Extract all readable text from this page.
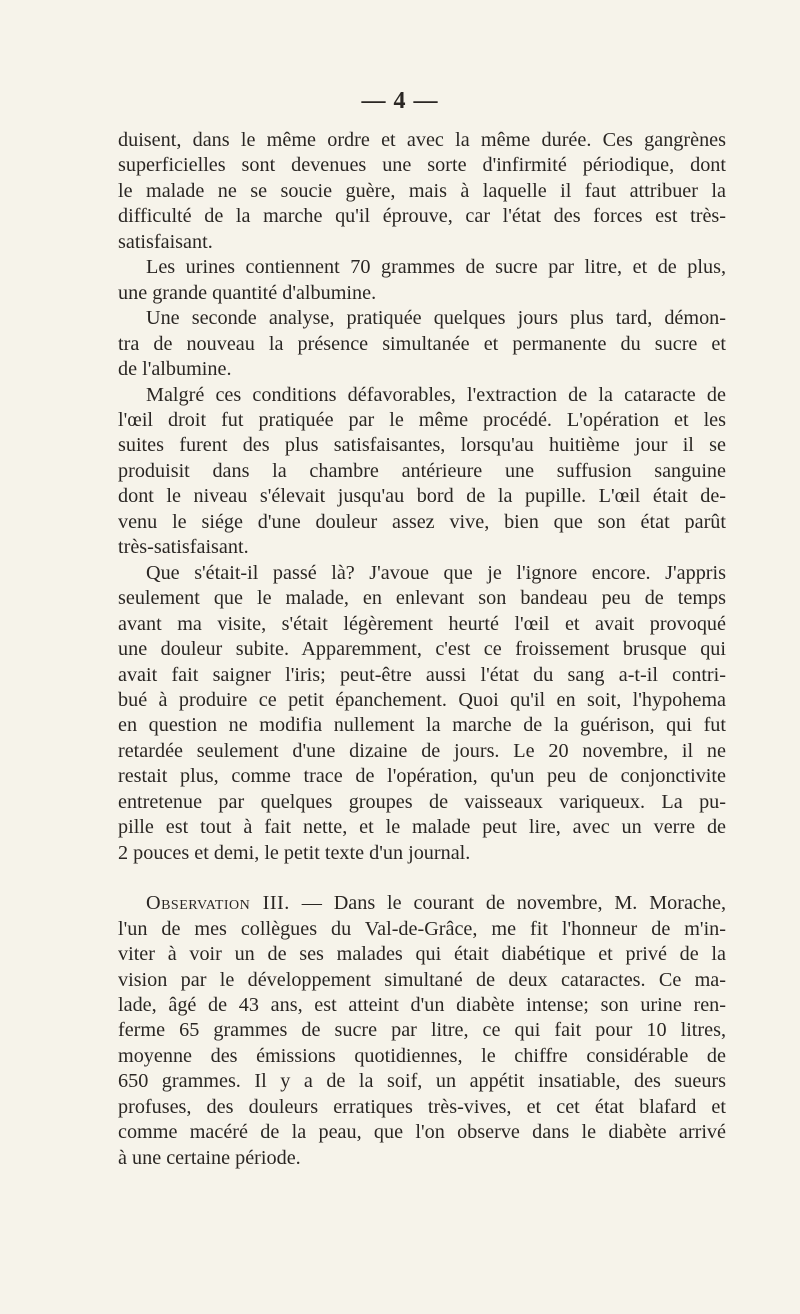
— 4 —
duisent, dans le même ordre et avec la même durée. Ces gangrènes
superficielles sont devenues une sorte d'infirmité périodique, dont
le malade ne se soucie guère, mais à laquelle il faut attribuer la
difficulté de la marche qu'il éprouve, car l'état des forces est très-
satisfaisant.
Les urines contiennent 70 grammes de sucre par litre, et de plus,
une grande quantité d'albumine.
Une seconde analyse, pratiquée quelques jours plus tard, démon-
tra de nouveau la présence simultanée et permanente du sucre et
de l'albumine.
Malgré ces conditions défavorables, l'extraction de la cataracte de
l'œil droit fut pratiquée par le même procédé. L'opération et les
suites furent des plus satisfaisantes, lorsqu'au huitième jour il se
produisit dans la chambre antérieure une suffusion sanguine
dont le niveau s'élevait jusqu'au bord de la pupille. L'œil était de-
venu le siége d'une douleur assez vive, bien que son état parût
très-satisfaisant.
Que s'était-il passé là? J'avoue que je l'ignore encore. J'appris
seulement que le malade, en enlevant son bandeau peu de temps
avant ma visite, s'était légèrement heurté l'œil et avait provoqué
une douleur subite. Apparemment, c'est ce froissement brusque qui
avait fait saigner l'iris; peut-être aussi l'état du sang a-t-il contri-
bué à produire ce petit épanchement. Quoi qu'il en soit, l'hypohema
en question ne modifia nullement la marche de la guérison, qui fut
retardée seulement d'une dizaine de jours. Le 20 novembre, il ne
restait plus, comme trace de l'opération, qu'un peu de conjonctivite
entretenue par quelques groupes de vaisseaux variqueux. La pu-
pille est tout à fait nette, et le malade peut lire, avec un verre de
2 pouces et demi, le petit texte d'un journal.
Observation III. — Dans le courant de novembre, M. Morache,
l'un de mes collègues du Val-de-Grâce, me fit l'honneur de m'in-
viter à voir un de ses malades qui était diabétique et privé de la
vision par le développement simultané de deux cataractes. Ce ma-
lade, âgé de 43 ans, est atteint d'un diabète intense; son urine ren-
ferme 65 grammes de sucre par litre, ce qui fait pour 10 litres,
moyenne des émissions quotidiennes, le chiffre considérable de
650 grammes. Il y a de la soif, un appétit insatiable, des sueurs
profuses, des douleurs erratiques très-vives, et cet état blafard et
comme macéré de la peau, que l'on observe dans le diabète arrivé
à une certaine période.
